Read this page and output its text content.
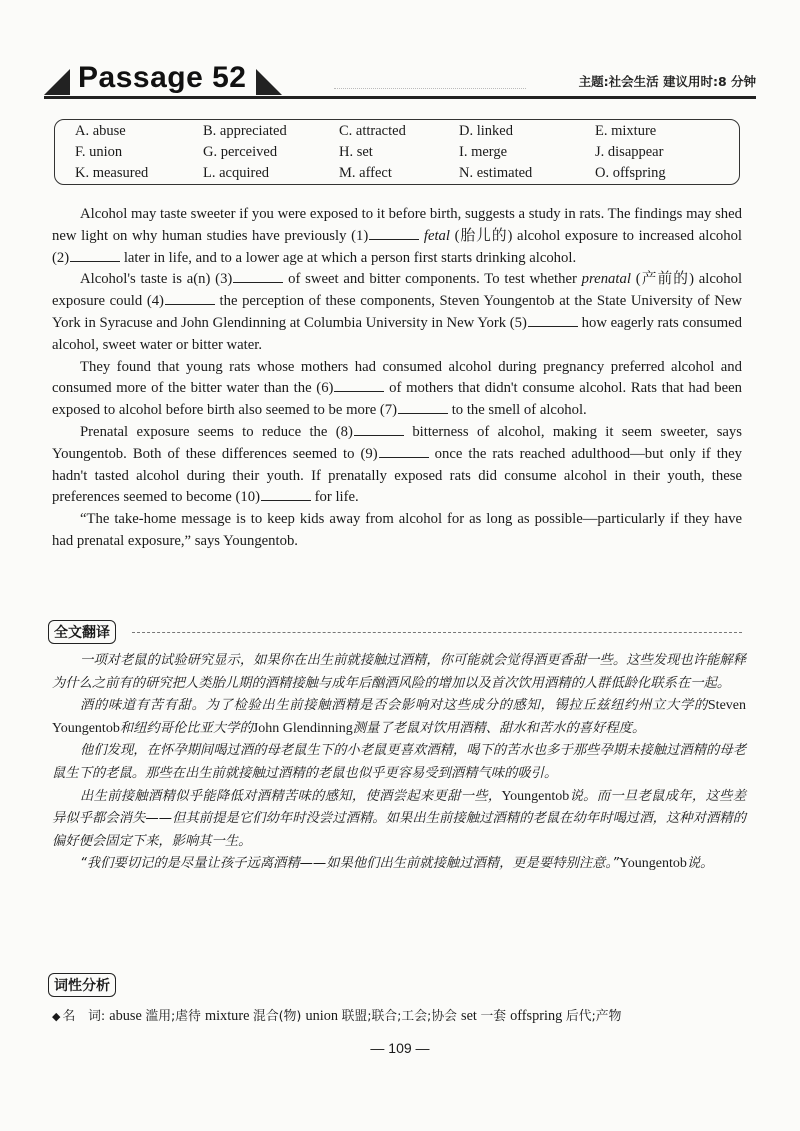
Passage 52	主题:社会生活 建议用时:8 分钟
A. abuse	B. appreciated	C. attracted	D. linked	E. mixture
F. union	G. perceived	H. set	I. merge	J. disappear
K. measured	L. acquired	M. affect	N. estimated	O. offspring

Alcohol may taste sweeter if you were exposed to it before birth, suggests a study in rats. The findings may shed new light on why human studies have previously (1)	fetal (胎儿的) alcohol exposure to increased alcohol (2)	later in life, and to a lower age at which a person first starts drinking alcohol.

Alcohol's taste is a(n) (3)	of sweet and bitter components. To test whether prenatal (产前的) alcohol exposure could (4)	the perception of these components, Steven Youngentob at the State University of New York in Syracuse and John Glendinning at Columbia University in New York (5)	how eagerly rats consumed alcohol, sweet water or bitter water.

They found that young rats whose mothers had consumed alcohol during pregnancy preferred alcohol and consumed more of the bitter water than the (6)	of mothers that didn't consume alcohol. Rats that had been exposed to alcohol before birth also seemed to be more (7)	to the smell of alcohol.

Prenatal exposure seems to reduce the (8)	bitterness of alcohol, making it seem sweeter, says Youngentob. Both of these differences seemed to (9)	once the rats reached adulthood—but only if they hadn't tasted alcohol during their youth. If prenatally exposed rats did consume alcohol in their youth, these preferences seemed to become (10)	for life.

“The take-home message is to keep kids away from alcohol for as long as possible—particularly if they have had prenatal exposure,” says Youngentob.

全文翻译

一项对老鼠的试验研究显示，如果你在出生前就接触过酒精，你可能就会觉得酒更香甜一些。这些发现也许能解释为什么之前有的研究把人类胎儿期的酒精接触与成年后酗酒风险的增加以及首次饮用酒精的人群低龄化联系在一起。

酒的味道有苦有甜。为了检验出生前接触酒精是否会影响对这些成分的感知，锡拉丘兹纽约州立大学的Steven Youngentob和纽约哥伦比亚大学的John Glendinning测量了老鼠对饮用酒精、甜水和苦水的喜好程度。

他们发现，在怀孕期间喝过酒的母老鼠生下的小老鼠更喜欢酒精，喝下的苦水也多于那些孕期未接触过酒精的母老鼠生下的老鼠。那些在出生前就接触过酒精的老鼠也似乎更容易受到酒精气味的吸引。

出生前接触酒精似乎能降低对酒精苦味的感知，使酒尝起来更甜一些，Youngentob说。而一旦老鼠成年，这些差异似乎都会消失——但其前提是它们幼年时没尝过酒精。如果出生前接触过酒精的老鼠在幼年时喝过酒，这种对酒精的偏好便会固定下来，影响其一生。

“我们要切记的是尽量让孩子远离酒精——如果他们出生前就接触过酒精，更是要特别注意。”Youngentob说。

词性分析
◆ 名　词: abuse 滥用;虐待 mixture 混合(物) union 联盟;联合;工会;协会 set 一套 offspring 后代;产物
— 109 —
